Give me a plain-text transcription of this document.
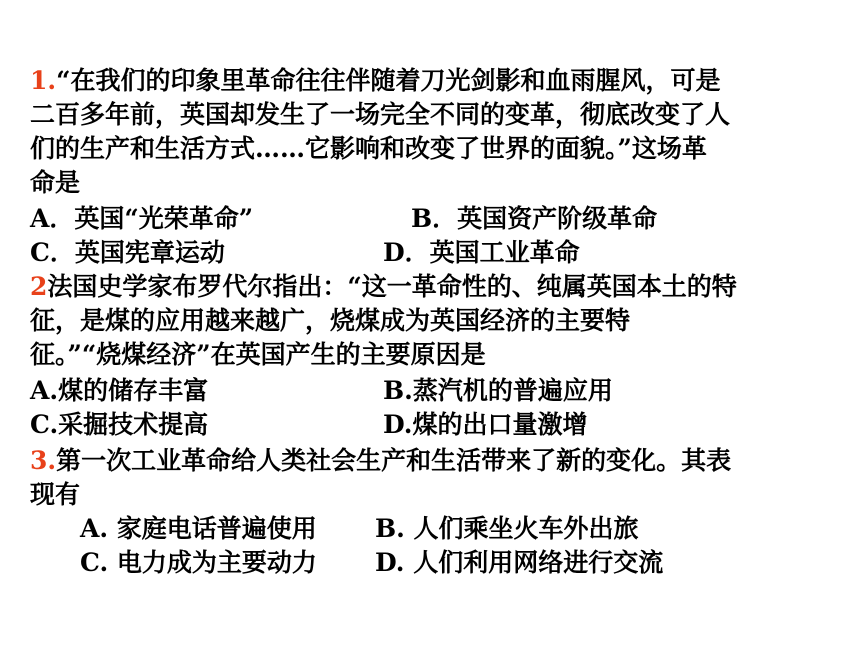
1.“在我们的印象里革命往往伴随着刀光剑影和血雨腥风，可是
二百多年前，英国却发生了一场完全不同的变革，彻底改变了人
们的生产和生活方式……它影响和改变了世界的面貌。”这场革
命是
A．英国“光荣革命”	B．英国资产阶级革命
C．英国宪章运动	D．英国工业革命
2法国史学家布罗代尔指出：“这一革命性的、纯属英国本土的特
征，是煤的应用越来越广，烧煤成为英国经济的主要特
征。”“烧煤经济”在英国产生的主要原因是
A.煤的储存丰富	B.蒸汽机的普遍应用
C.采掘技术提高	D.煤的出口量激增
3.第一次工业革命给人类社会生产和生活带来了新的变化。其表
现有
A. 家庭电话普遍使用 B. 人们乘坐火车外出旅
C. 电力成为主要动力 D. 人们利用网络进行交流
